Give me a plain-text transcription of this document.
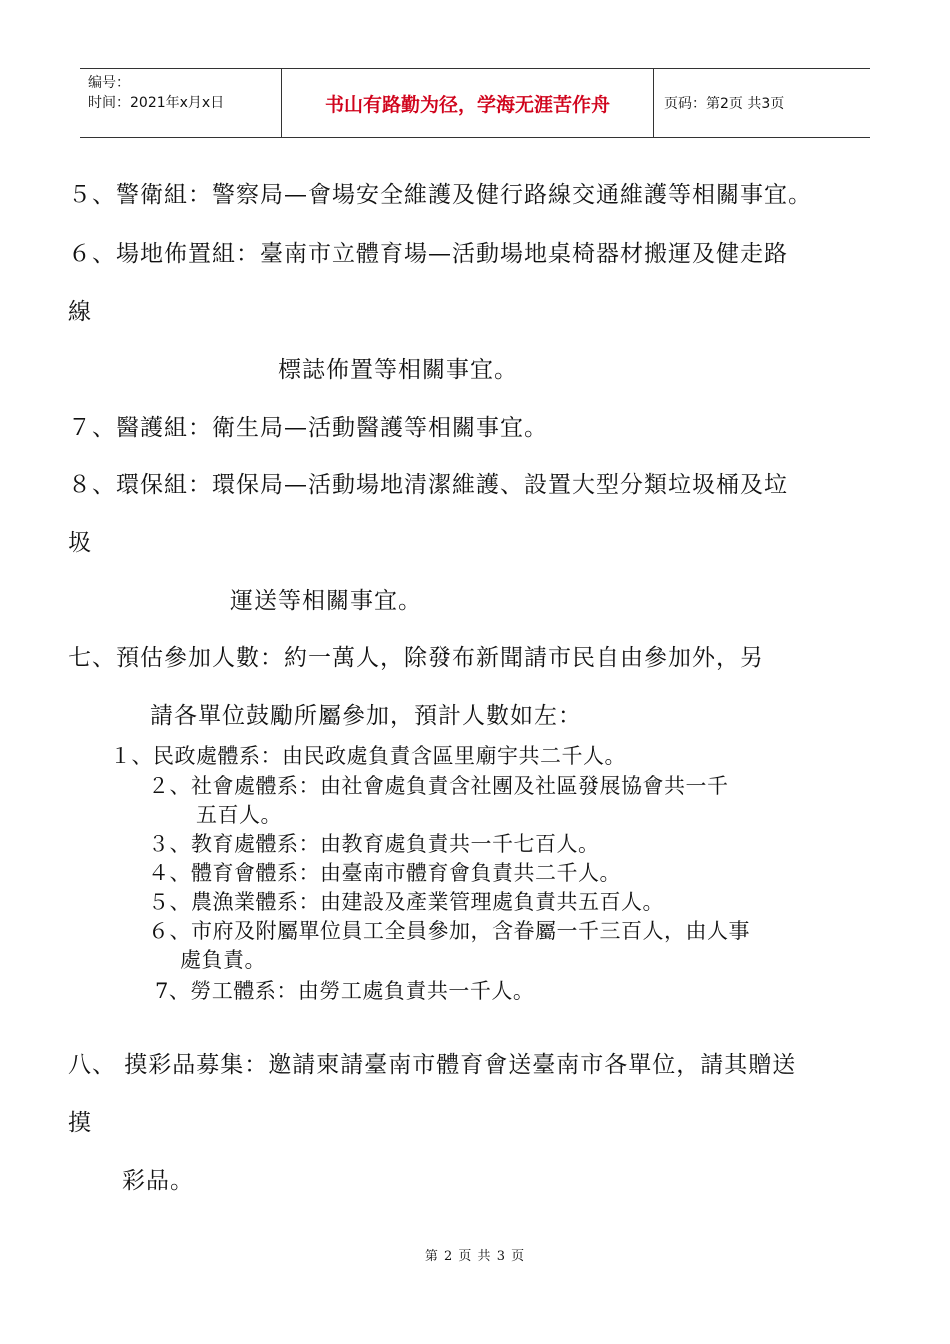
编号：
时间：2021年x月x日	书山有路勤为径，学海无涯苦作舟	页码：第2页 共3页
５、警衛組：警察局—會場安全維護及健行路線交通維護等相關事宜。
６、場地佈置組：臺南市立體育場—活動場地桌椅器材搬運及健走路
線
標誌佈置等相關事宜。
７、醫護組：衛生局—活動醫護等相關事宜。
８、環保組：環保局—活動場地清潔維護、設置大型分類垃圾桶及垃
圾
運送等相關事宜。
七、預估參加人數：約一萬人，除發布新聞請市民自由參加外，另
請各單位鼓勵所屬參加，預計人數如左：
１、民政處體系：由民政處負責含區里廟宇共二千人。
２、社會處體系：由社會處負責含社團及社區發展協會共一千
五百人。
３、教育處體系：由教育處負責共一千七百人。
４、體育會體系：由臺南市體育會負責共二千人。
５、農漁業體系：由建設及產業管理處負責共五百人。
６、市府及附屬單位員工全員參加，含眷屬一千三百人，由人事
處負責。
7、勞工體系：由勞工處負責共一千人。
八、 摸彩品募集：邀請柬請臺南市體育會送臺南市各單位，請其贈送
摸
彩品。
第 2 页 共 3 页
